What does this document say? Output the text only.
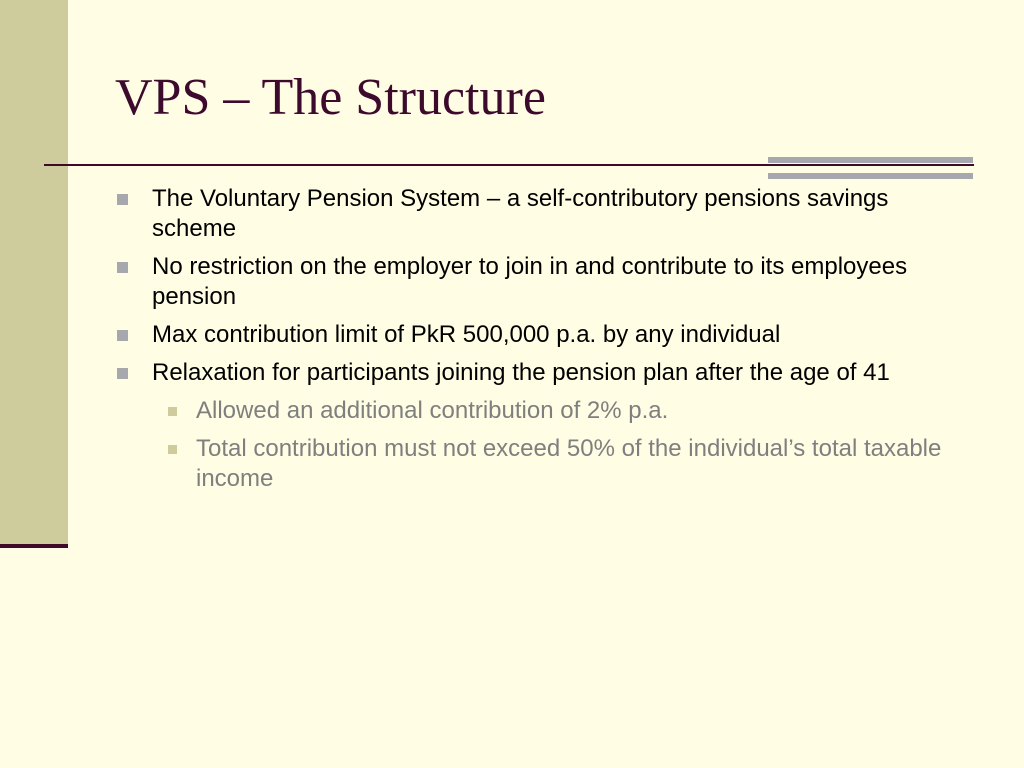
VPS – The Structure
The Voluntary Pension System – a self-contributory pensions savings scheme
No restriction on the employer to join in and contribute to its employees pension
Max contribution limit of PkR 500,000 p.a. by any individual
Relaxation for participants joining the pension plan after the age of 41
Allowed an additional contribution of 2% p.a.
Total contribution must not exceed 50% of the individual’s total taxable income
